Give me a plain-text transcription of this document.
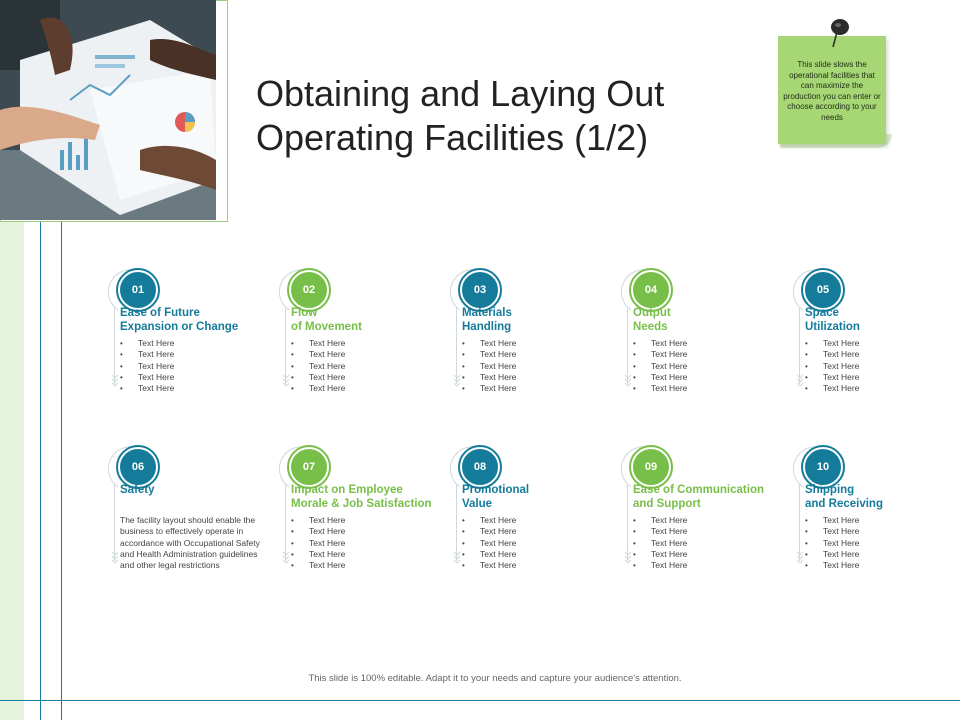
Obtaining and Laying Out
Operating Facilities (1/2)
This slide slows the operational facilities that can maximize the production you can enter or choose according to your needs
01
Ease of Future
Expansion or Change
• Text Here
• Text Here
• Text Here
• Text Here
• Text Here
02
Flow
of Movement
• Text Here
• Text Here
• Text Here
• Text Here
• Text Here
03
Materials
Handling
• Text Here
• Text Here
• Text Here
• Text Here
• Text Here
04
Output
Needs
• Text Here
• Text Here
• Text Here
• Text Here
• Text Here
05
Space
Utilization
• Text Here
• Text Here
• Text Here
• Text Here
• Text Here
06
Safety
The facility layout should enable the business to effectively operate in accordance with Occupational Safety and Health Administration guidelines and other legal restrictions
07
Impact on Employee
Morale & Job Satisfaction
• Text Here
• Text Here
• Text Here
• Text Here
• Text Here
08
Promotional
Value
• Text Here
• Text Here
• Text Here
• Text Here
• Text Here
09
Ease of Communication
and Support
• Text Here
• Text Here
• Text Here
• Text Here
• Text Here
10
Shipping
and Receiving
• Text Here
• Text Here
• Text Here
• Text Here
• Text Here
This slide is 100% editable. Adapt it to your needs and capture your audience's attention.
